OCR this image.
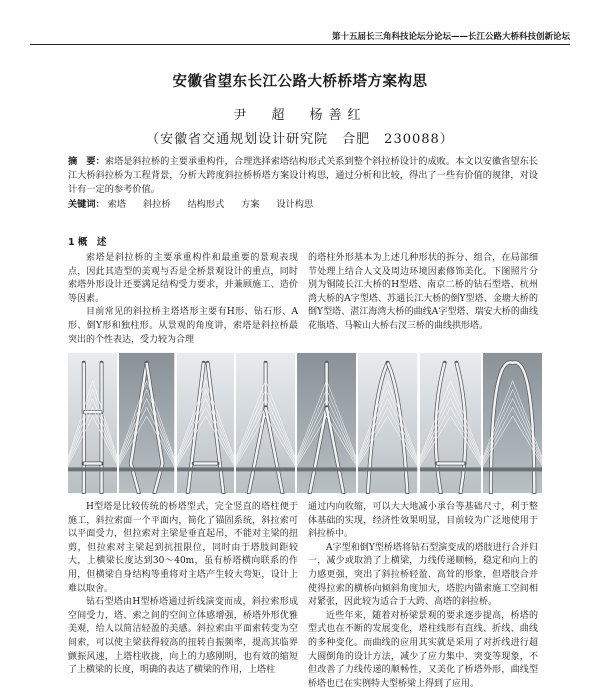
第十五届长三角科技论坛分论坛——长江公路大桥科技创新论坛
安徽省望东长江公路大桥桥塔方案构思
尹　超　杨善红
（安徽省交通规划设计研究院　合肥　230088）
摘　要：索塔是斜拉桥的主要承重构件，合理选择索塔结构形式关系到整个斜拉桥设计的成败。本文以安徽省望东长江大桥斜拉桥为工程背景，分析大跨度斜拉桥桥塔方案设计构思，通过分析和比较，得出了一些有价值的规律，对设计有一定的参考价值。
关键词： 索塔 斜拉桥 结构形式 方案 设计构思
1 概　述

索塔是斜拉桥的主要承重构件和最重要的景观表现点，因此其造型的美观与否是全桥景观设计的重点，同时索塔外形设计还要满足结构受力要求，并兼顾施工、造价等因素。

目前常见的斜拉桥主塔塔形主要有H形、钻石形、A形、倒Y形和独柱形。从景观的角度讲，索塔是斜拉桥最突出的个性表达，受力较为合理

的塔柱外形基本为上述几种形状的拆分、组合，在局部细节处理上结合人文及周边环境因素修饰美化。下图照片分别为铜陵长江大桥的H型塔、南京二桥的钻石型塔、杭州湾大桥的A字型塔、苏通长江大桥的倒Y型塔、金塘大桥的倒Y型塔、湛江海湾大桥的曲线A字型塔、瑞安大桥的曲线花瓶塔、马鞍山大桥右汊三桥的曲线拱形塔。

H型塔是比较传统的桥塔型式，完全竖直的塔柱便于施工，斜拉索面一个平面内，简化了锚固系统，斜拉索可以平面受力，但拉索对主梁是垂直起吊，不能对主梁的扭剪，但拉索对主梁起到抗扭限位，同时由于塔肢间距较大，上横梁长度达到30～40m，虽有桥塔横向联系的作用，但横梁自身结构等重将对主塔产生较大弯矩，设计上难以取舍。

钻石型塔由H型桥塔通过折线演变而成，斜拉索形成空间受力，塔、索之间的空间立体感增强，桥塔外形优雅美观，给人以简洁轻盈的美感。斜拉索由平面索转变为空间索，可以使主梁获得较高的扭转自振频率，提高其临界颤振风速，上塔柱收拢，向上的力感刚明，也有效的缩短了上横梁的长度，明确的表达了横梁的作用，上塔柱

通过内向收缩，可以大大地减小承台等基础尺寸，利于整体基础的实现，经济性效果明显，目前较为广泛地使用于斜拉桥中。

A字型和倒Y型桥塔将钻石型演变成的塔肢进行合并归一，减少或取消了上横梁，力线传递顺畅，稳定和向上的力感更强，突出了斜拉桥轻盈、高耸的形象，但塔肢合并使得拉索的横桥向倾斜角度加大，塔腔内锚索施工空间相对紧张，因此较为适合于大跨、高塔的斜拉桥。

近些年来，随着对桥梁景观的要求逐步提高，桥塔的型式也在不断的发展变化，塔柱线形有直线、折线、曲线的多种变化。而曲线的应用其实就是采用了对折线进行超大圆倒角的设计方法，减少了应力集中、突变等现象，不但改善了力线传递的顺畅性，又美化了桥塔外形，曲线型桥塔也已在实例特大型桥梁上得到了应用。
